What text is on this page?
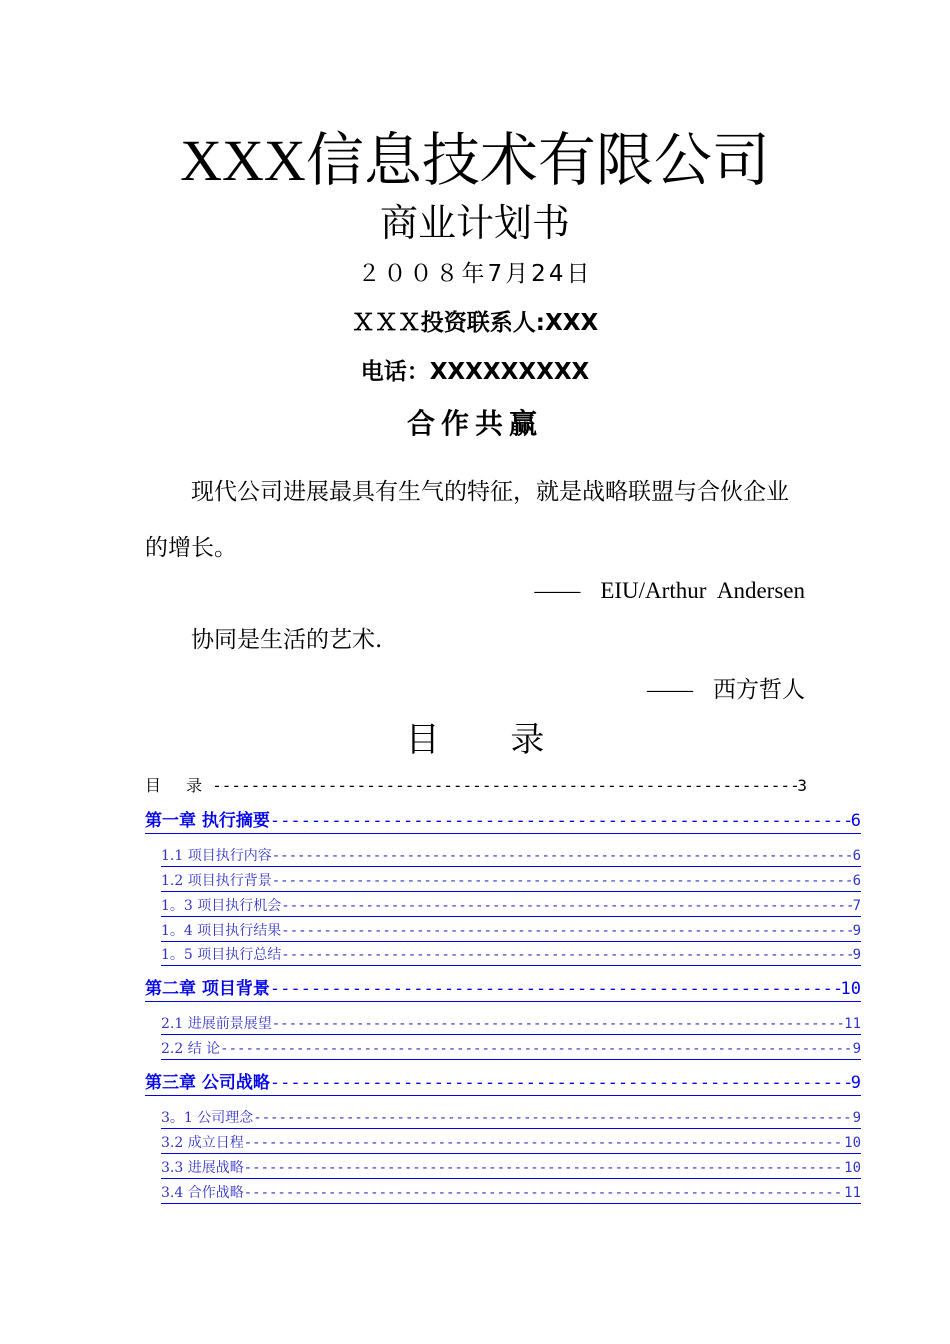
XXX信息技术有限公司
商业计划书
２００８年7月24日
ＸＸＸ投资联系人:XXX
电话：XXXXXXXXX
合作共赢
现代公司进展最具有生气的特征，就是战略联盟与合伙企业的增长。
—— EIU/Arthur Andersen
协同是生活的艺术.
—— 西方哲人
目 录
目 录 -----	3
第一章 执行摘要 -----	6
1.1 项目执行内容 -----	6
1.2 项目执行背景 -----	6
1。3 项目执行机会 -----	7
1。4 项目执行结果 -----	9
1。5 项目执行总结 -----	9
第二章 项目背景 -----	10
2.1 进展前景展望 -----	11
2.2 结 论 -----	9
第三章 公司战略 -----	9
3。1 公司理念 -----	9
3.2 成立日程 -----	10
3.3 进展战略 -----	10
3.4 合作战略 -----	11
